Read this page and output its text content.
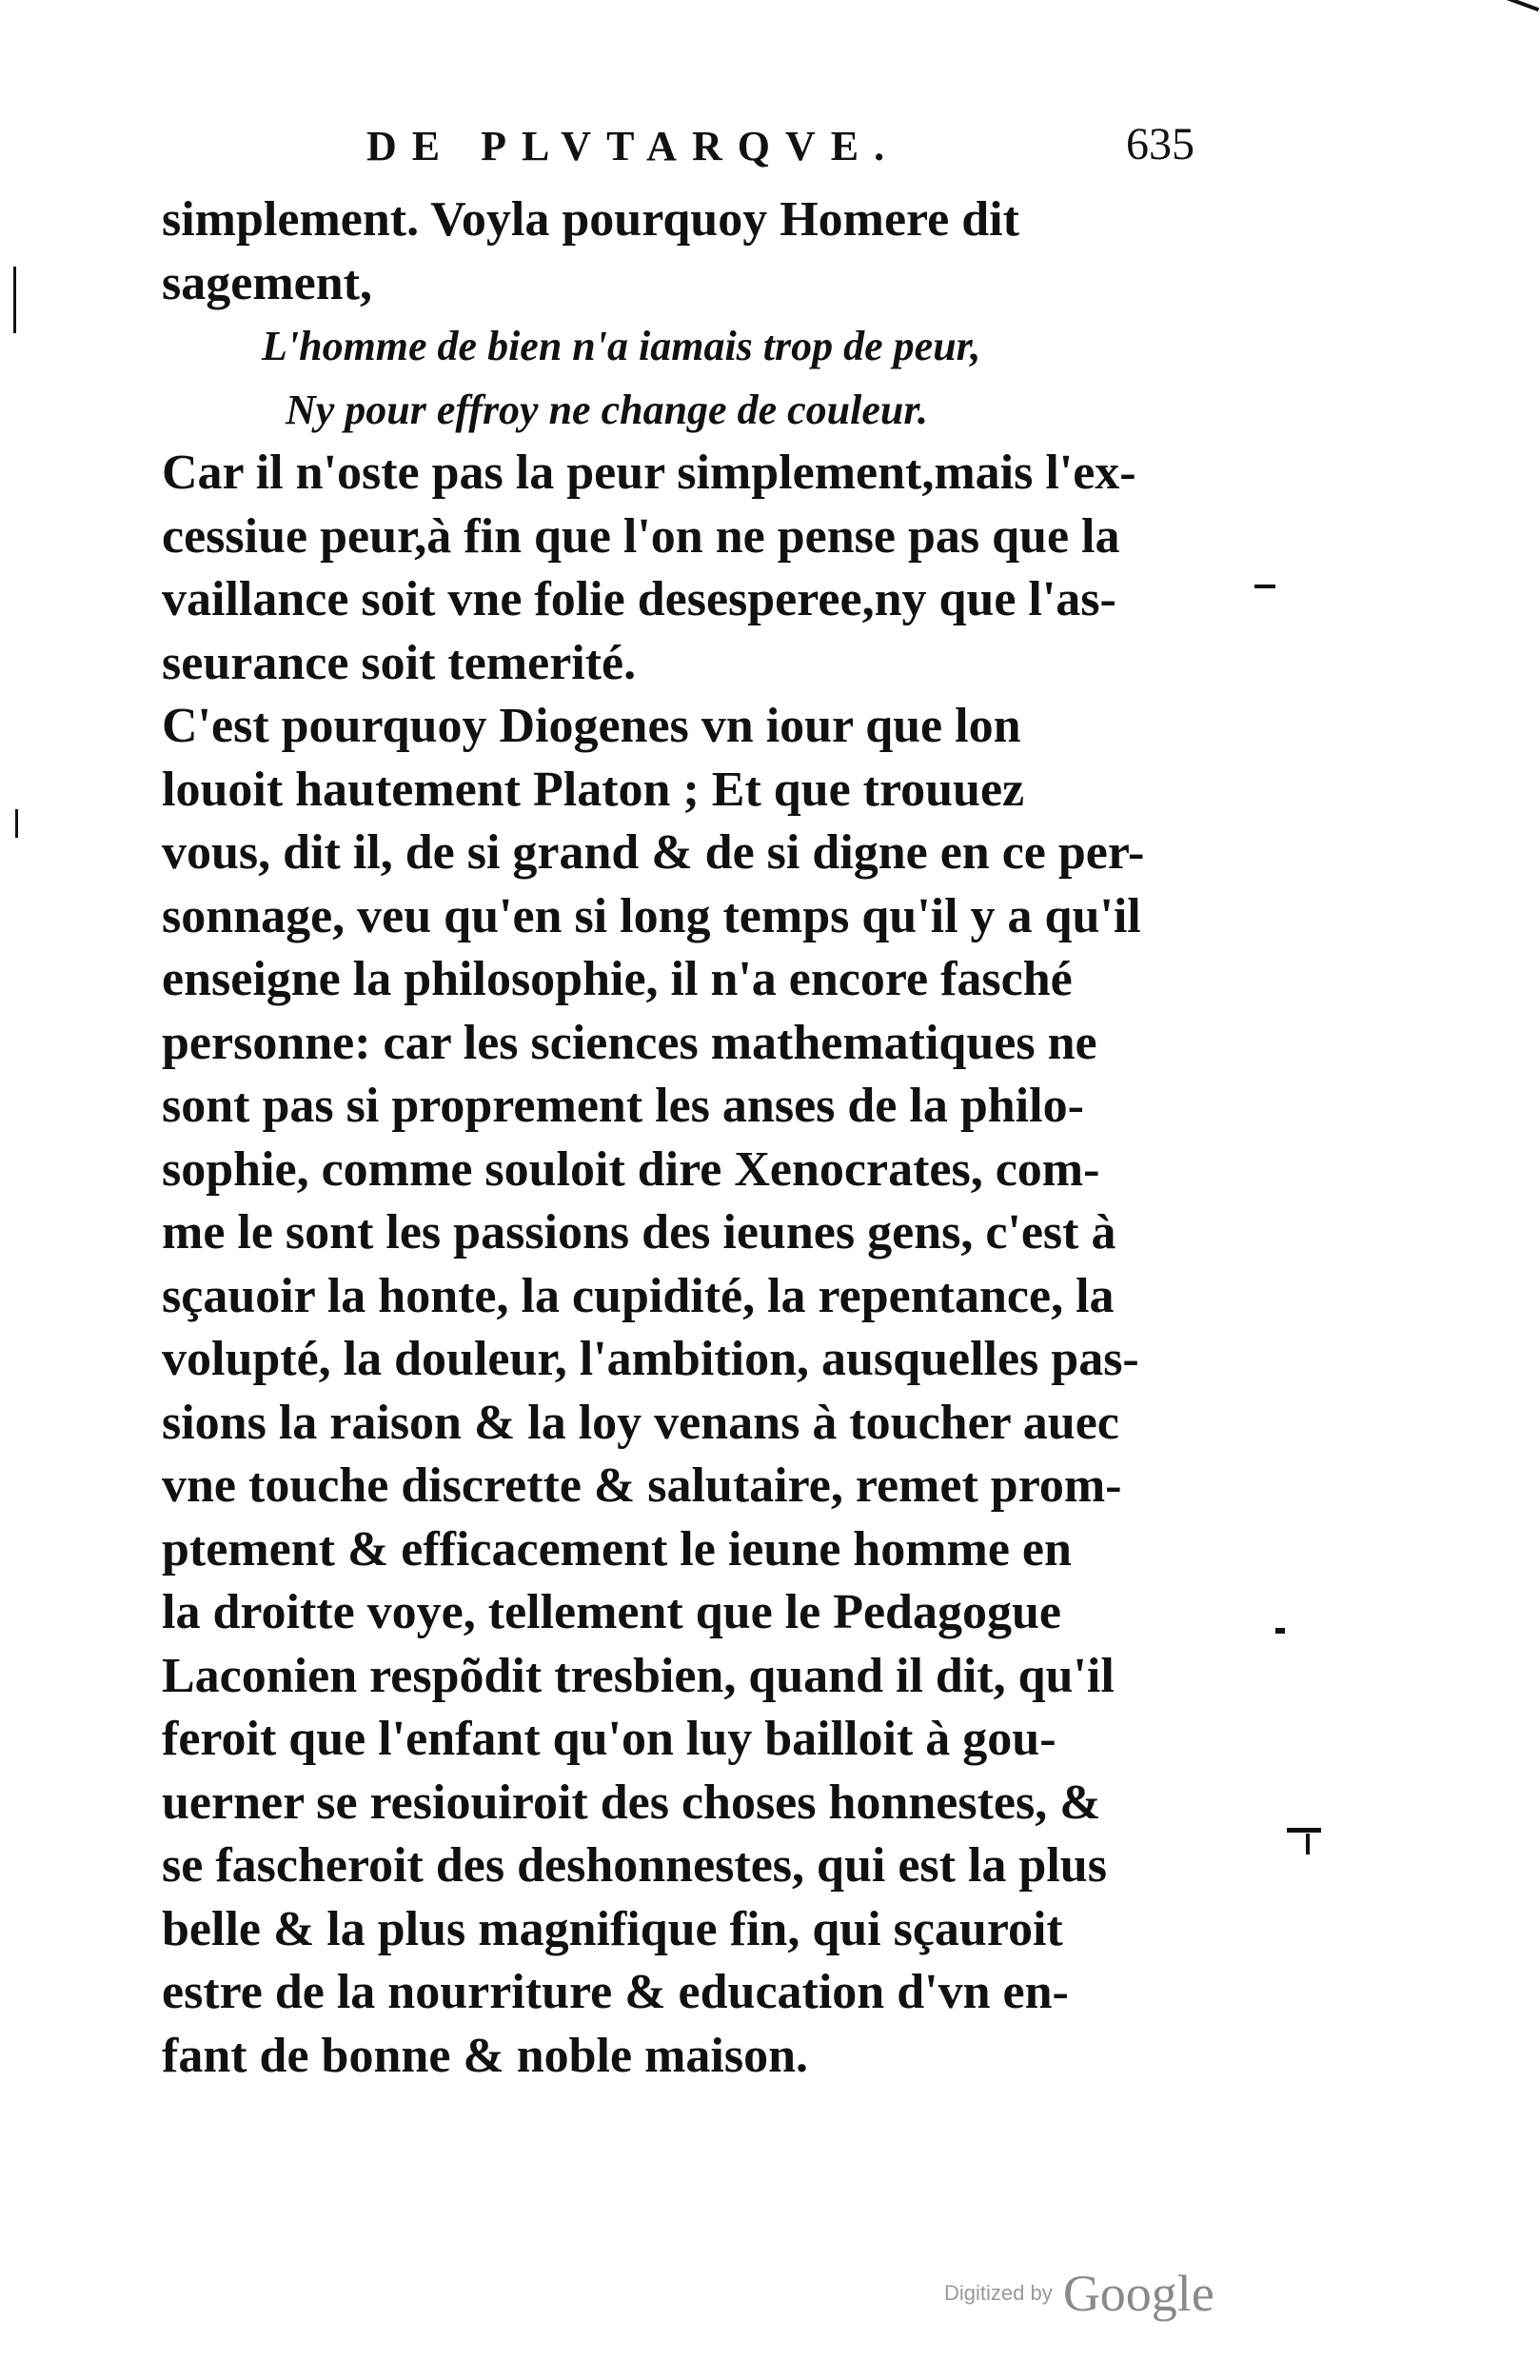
DE PLVTARQVE.	635
simplement. Voyla pourquoy Homere dit
sagement,
L'homme de bien n'a iamais trop de peur,
Ny pour effroy ne change de couleur.
Car il n'oste pas la peur simplement,mais l'ex-
cessiue peur,à fin que l'on ne pense pas que la
vaillance soit vne folie desesperee,ny que l'as-
seurance soit temerité.
C'est pourquoy Diogenes vn iour que lon
louoit hautement Platon ; Et que trouuez
vous, dit il, de si grand & de si digne en ce per-
sonnage, veu qu'en si long temps qu'il y a qu'il
enseigne la philosophie, il n'a encore fasché
personne: car les sciences mathematiques ne
sont pas si proprement les anses de la philo-
sophie, comme souloit dire Xenocrates, com-
me le sont les passions des ieunes gens, c'est à
sçauoir la honte, la cupidité, la repentance, la
volupté, la douleur, l'ambition, ausquelles pas-
sions la raison & la loy venans à toucher auec
vne touche discrette & salutaire, remet prom-
ptement & efficacement le ieune homme en
la droitte voye, tellement que le Pedagogue
Laconien respõdit tresbien, quand il dit, qu'il
feroit que l'enfant qu'on luy bailloit à gou-
uerner se resiouiroit des choses honnestes, &
se fascheroit des deshonnestes, qui est la plus
belle & la plus magnifique fin, qui sçauroit
estre de la nourriture & education d'vn en-
fant de bonne & noble maison.
Digitized by Google
